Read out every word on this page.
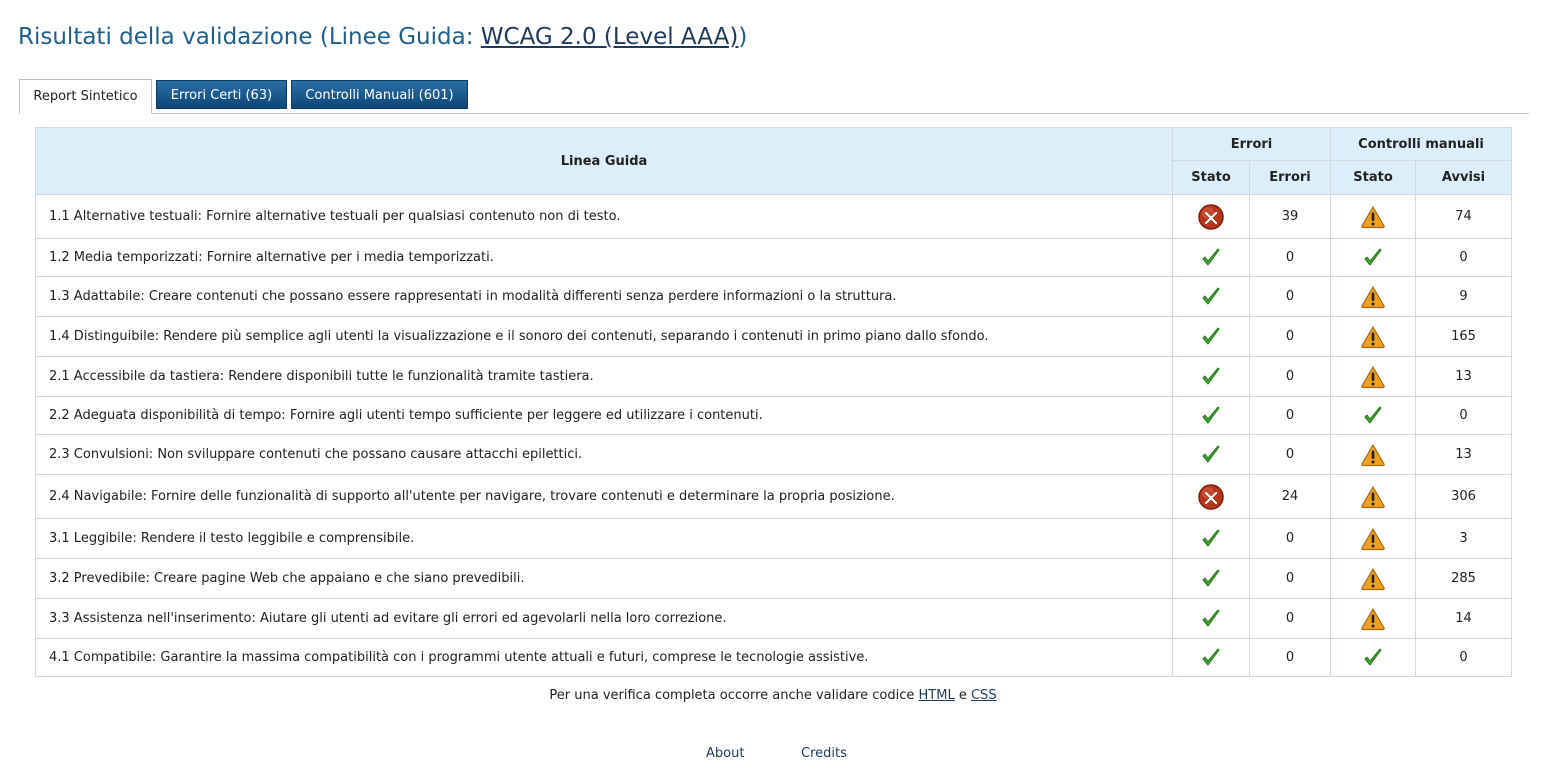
Risultati della validazione (Linee Guida: WCAG 2.0 (Level AAA))
Report Sintetico	Errori Certi (63)	Controlli Manuali (601)
Linea Guida	Errori		Controlli manuali	
	Stato	Errori	Stato	Avvisi
1.1 Alternative testuali: Fornire alternative testuali per qualsiasi contenuto non di testo.		39		74
1.2 Media temporizzati: Fornire alternative per i media temporizzati.		0		0
1.3 Adattabile: Creare contenuti che possano essere rappresentati in modalità differenti senza perdere informazioni o la struttura.		0		9
1.4 Distinguibile: Rendere più semplice agli utenti la visualizzazione e il sonoro dei contenuti, separando i contenuti in primo piano dallo sfondo.		0		165
2.1 Accessibile da tastiera: Rendere disponibili tutte le funzionalità tramite tastiera.		0		13
2.2 Adeguata disponibilità di tempo: Fornire agli utenti tempo sufficiente per leggere ed utilizzare i contenuti.		0		0
2.3 Convulsioni: Non sviluppare contenuti che possano causare attacchi epilettici.		0		13
2.4 Navigabile: Fornire delle funzionalità di supporto all'utente per navigare, trovare contenuti e determinare la propria posizione.		24		306
3.1 Leggibile: Rendere il testo leggibile e comprensibile.		0		3
3.2 Prevedibile: Creare pagine Web che appaiano e che siano prevedibili.		0		285
3.3 Assistenza nell'inserimento: Aiutare gli utenti ad evitare gli errori ed agevolarli nella loro correzione.		0		14
4.1 Compatibile: Garantire la massima compatibilità con i programmi utente attuali e futuri, comprese le tecnologie assistive.		0		0
Per una verifica completa occorre anche validare codice HTML e CSS
About	Credits
